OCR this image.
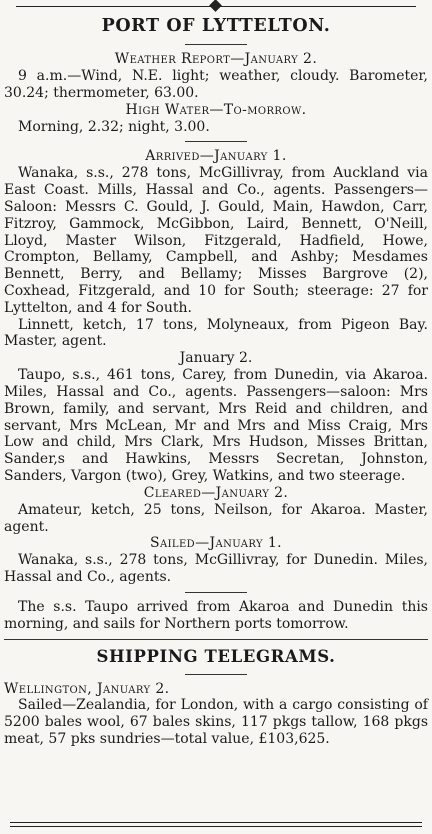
PORT OF LYTTELTON.

Weather Report—January 2.

9 a.m.—Wind, N.E. light; weather, cloudy. Barometer, 30.24; thermometer, 63.00.

High Water—To-morrow.

Morning, 2.32; night, 3.00.

Arrived—January 1.

Wanaka, s.s., 278 tons, McGillivray, from Auckland via East Coast. Mills, Hassal and Co., agents. Passengers—Saloon: Messrs C. Gould, J. Gould, Main, Hawdon, Carr, Fitzroy, Gammock, McGibbon, Laird, Bennett, O'Neill, Lloyd, Master Wilson, Fitzgerald, Hadfield, Howe, Crompton, Bellamy, Campbell, and Ashby; Mesdames Bennett, Berry, and Bellamy; Misses Bargrove (2), Coxhead, Fitzgerald, and 10 for South; steerage: 27 for Lyttelton, and 4 for South.

Linnett, ketch, 17 tons, Molyneaux, from Pigeon Bay. Master, agent.

January 2.

Taupo, s.s., 461 tons, Carey, from Dunedin, via Akaroa. Miles, Hassal and Co., agents. Passengers—saloon: Mrs Brown, family, and servant, Mrs Reid and children, and servant, Mrs McLean, Mr and Mrs and Miss Craig, Mrs Low and child, Mrs Clark, Mrs Hudson, Misses Brittan, Sander,s and Hawkins, Messrs Secretan, Johnston, Sanders, Vargon (two), Grey, Watkins, and two steerage.

Cleared—January 2.

Amateur, ketch, 25 tons, Neilson, for Akaroa. Master, agent.

Sailed—January 1.

Wanaka, s.s., 278 tons, McGillivray, for Dunedin. Miles, Hassal and Co., agents.

The s.s. Taupo arrived from Akaroa and Dunedin this morning, and sails for Northern ports tomorrow.

SHIPPING TELEGRAMS.

Wellington, January 2.

Sailed—Zealandia, for London, with a cargo consisting of 5200 bales wool, 67 bales skins, 117 pkgs tallow, 168 pkgs meat, 57 pks sundries—total value, £103,625.
